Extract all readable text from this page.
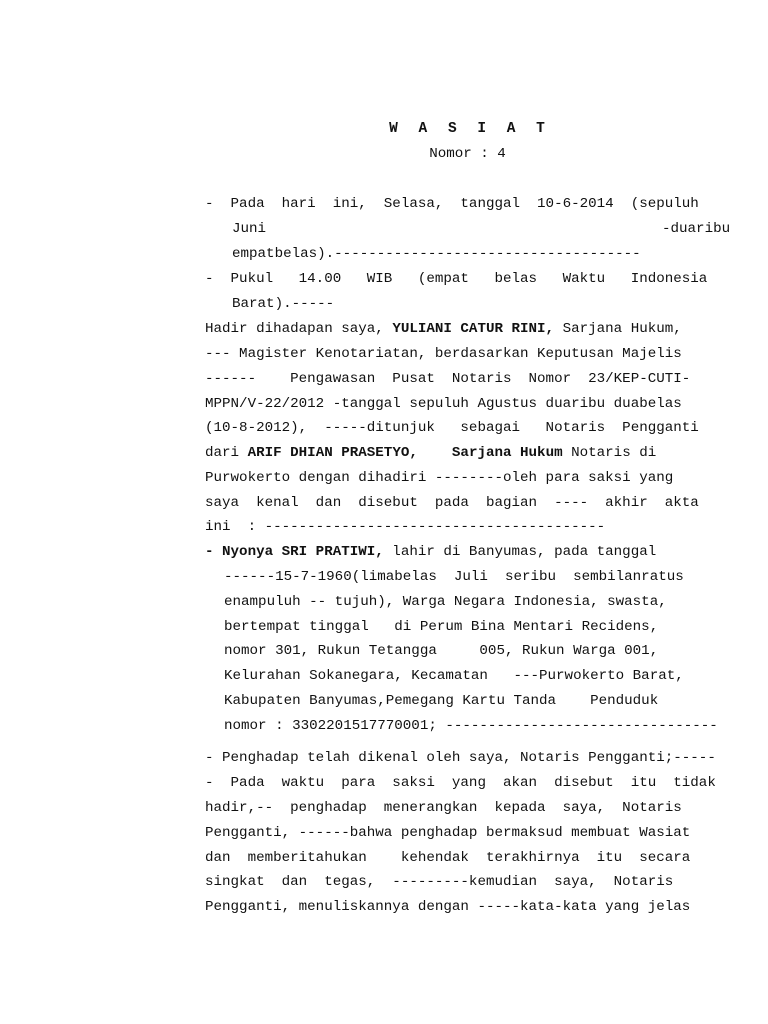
W A S I A T
Nomor : 4
-  Pada  hari  ini,  Selasa,  tanggal  10-6-2014  (sepuluh
Juni	-duaribu
empatbelas).------------------------------------
-  Pukul   14.00   WIB   (empat   belas   Waktu   Indonesia
Barat).-----
Hadir dihadapan saya, YULIANI CATUR RINI, Sarjana Hukum,
--- Magister Kenotariatan, berdasarkan Keputusan Majelis
------    Pengawasan  Pusat  Notaris  Nomor  23/KEP-CUTI-
MPPN/V-22/2012 -tanggal sepuluh Agustus duaribu duabelas
(10-8-2012),  -----ditunjuk   sebagai   Notaris  Pengganti
dari ARIF DHIAN PRASETYO,    Sarjana Hukum Notaris di
Purwokerto dengan dihadiri --------oleh para saksi yang
saya  kenal  dan  disebut  pada  bagian  ----  akhir  akta
ini  : ----------------------------------------
- Nyonya SRI PRATIWI, lahir di Banyumas, pada tanggal
------15-7-1960(limabelas  Juli  seribu  sembilanratus
enampuluh -- tujuh), Warga Negara Indonesia, swasta,
bertempat tinggal   di Perum Bina Mentari Recidens,
nomor 301, Rukun Tetangga     005, Rukun Warga 001,
Kelurahan Sokanegara, Kecamatan   ---Purwokerto Barat,
Kabupaten Banyumas,Pemegang Kartu Tanda    Penduduk
nomor : 3302201517770001; --------------------------------
- Penghadap telah dikenal oleh saya, Notaris Pengganti;-----
-  Pada  waktu  para  saksi  yang  akan  disebut  itu  tidak
hadir,--  penghadap  menerangkan  kepada  saya,  Notaris
Pengganti, ------bahwa penghadap bermaksud membuat Wasiat
dan  memberitahukan    kehendak  terakhirnya  itu  secara
singkat  dan  tegas,  ---------kemudian  saya,  Notaris
Pengganti, menuliskannya dengan -----kata-kata yang jelas
